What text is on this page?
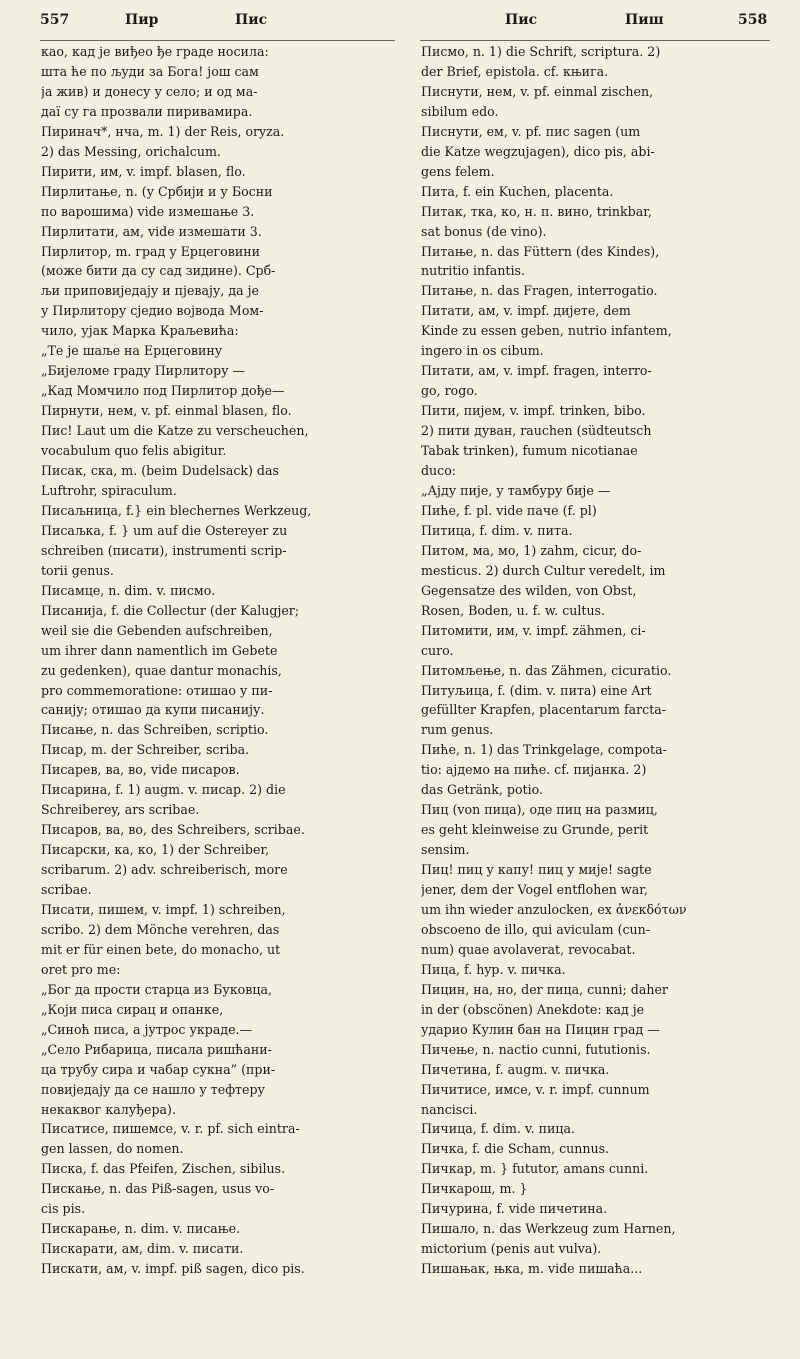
557	Пир	Пис	Пис	Пиш	558

као, кад је виђео ђе граде носила:

шта ће по људи за Бога! још сам

ја жив) и донесу у село; и од ма-

даї су га прозвали пиривамира.

Пиринач*, нча, m. 1) der Reis, oryza.

2) das Messing, orichalcum.

Пирити, им, v. impf. blasen, flo.

Пирлитање, n. (у Србији и у Босни

по варошима) vide измешање 3.

Пирлитати, ам, vide измешати 3.

Пирлитор, m. град у Ерцеговини

(може бити да су сад зидине). Срб-

љи приповиједају и пјевају, да је

у Пирлитору сједио војвода Мом-

чило, ујак Марка Краљевића:

„Те је шаље на Ерцеговину

„Бијеломе граду Пирлитору —

„Кад Момчило под Пирлитор дође—

Пирнути, нем, v. pf. einmal blasen, flo.

Пис! Laut um die Katze zu verscheuchen,

vocabulum quo felis abigitur.

Писак, ска, m. (beim Dudelsack) das

Luftrohr, spiraculum.

Писаљница, f.} ein blechernes Werkzeug,

Писаљка, f. } um auf die Ostereyer zu

schreiben (писати), instrumenti scrip-

torii genus.

Писамце, n. dim. v. писмо.

Писанија, f. die Collectur (der Kalugjer;

weil sie die Gebenden aufschreiben,

um ihrer dann namentlich im Gebete

zu gedenken), quae dantur monachis,

pro commemoratione: отишао у пи-

санију; отишао да купи писанију.

Писање, n. das Schreiben, scriptio.

Писар, m. der Schreiber, scriba.

Писарев, ва, во, vide писаров.

Писарина, f. 1) augm. v. писар. 2) die

Schreiberey, ars scribae.

Писаров, ва, во, des Schreibers, scribae.

Писарски, ка, ко, 1) der Schreiber,

scribarum. 2) adv. schreiberisch, more

scribae.

Писати, пишем, v. impf. 1) schreiben,

scribo. 2) dem Mönche verehren, das

mit er für einen bete, do monacho, ut

oret pro me:

„Бог да прости старца из Буковца,

„Који писа сирац и опанке,

„Синоћ писа, а јутрос украде.—

„Село Рибарица, писала ришћани-

ца трубу сира и чабар сукна” (при-

повиједају да се нашло у тефтеру

некаквог калуђера).

Писатисе, пишемсе, v. r. pf. sich eintra-

gen lassen, do nomen.

Писка, f. das Pfeifen, Zischen, sibilus.

Пискање, n. das Piß-sagen, usus vo-

cis pis.

Пискарање, n. dim. v. писање.

Пискарати, ам, dim. v. писати.

Пискати, ам, v. impf. piß sagen, dico pis.

Писмо, n. 1) die Schrift, scriptura. 2)

der Brief, epistola. cf. књига.

Писнути, нем, v. pf. einmal zischen,

sibilum edo.

Писнути, ем, v. pf. пис sagen (um

die Katze wegzujagen), dico pis, abi-

gens felem.

Пита, f. ein Kuchen, placenta.

Питак, тка, ко, н. п. вино, trinkbar,

sat bonus (de vino).

Питање, n. das Füttern (des Kindes),

nutritio infantis.

Питање, n. das Fragen, interrogatio.

Питати, ам, v. impf. дијете, dem

Kinde zu essen geben, nutrio infantem,

ingero in os cibum.

Питати, ам, v. impf. fragen, interro-

go, rogo.

Пити, пијем, v. impf. trinken, bibo.

2) пити дуван, rauchen (südteutsch

Tabak trinken), fumum nicotianae

duco:

„Ајду пије, у тамбуру бије —

Пиће, f. pl. vide паче (f. pl)

Питица, f. dim. v. пита.

Питом, ма, мо, 1) zahm, cicur, do-

mesticus. 2) durch Cultur veredelt, im

Gegensatze des wilden, von Obst,

Rosen, Boden, u. f. w. cultus.

Питомити, им, v. impf. zähmen, ci-

curo.

Питомљење, n. das Zähmen, cicuratio.

Питуљица, f. (dim. v. пита) eine Art

gefüllter Krapfen, placentarum farcta-

rum genus.

Пиће, n. 1) das Trinkgelage, compota-

tio: ајдемо на пиће. cf. пијанка. 2)

das Getränk, potio.

Пиц (von пица), оде пиц на размиц,

es geht kleinweise zu Grunde, perit

sensim.

Пиц! пиц у капу! пиц у мије! sagte

jener, dem der Vogel entflohen war,

um ihn wieder anzulocken, ex ἀνεκδότων

obscoeno de illo, qui aviculam (cun-

num) quae avolaverat, revocabat.

Пица, f. hyp. v. пичка.

Пицин, на, но, der пица, cunni; daher

in der (obscönen) Anekdote: кад је

ударио Кулин бан на Пицин град —

Пичење, n. nactio cunni, fututionis.

Пичетина, f. augm. v. пичка.

Пичитисе, имсе, v. r. impf. cunnum

nancisci.

Пичица, f. dim. v. пица.

Пичка, f. die Scham, cunnus.

Пичкар, m. } fututor, amans cunni.

Пичкарош, m. }

Пичурина, f. vide пичетина.

Пишало, n. das Werkzeug zum Harnen,

mictorium (penis aut vulva).

Пишањак, њка, m. vide пишаћа...
